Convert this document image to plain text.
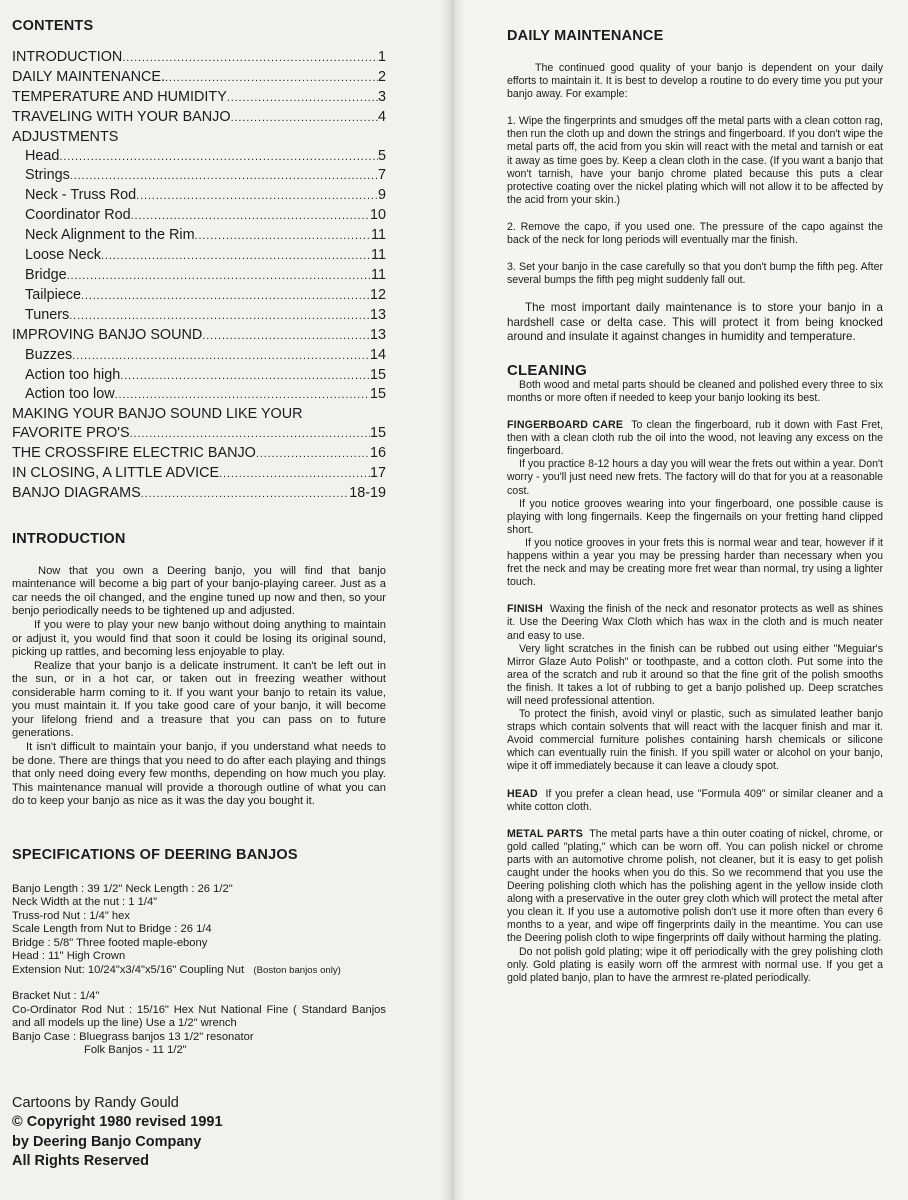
CONTENTS
INTRODUCTION . . .	1
DAILY MAINTENANCE. . . .	2
TEMPERATURE AND HUMIDITY . . .	3
TRAVELING WITH YOUR BANJO . . .	4
ADJUSTMENTS
Head . . .	5
Strings . . .	7
Neck - Truss Rod . . .	9
Coordinator Rod . . .	10
Neck Alignment to the Rim . . .	11
Loose Neck . . .	11
Bridge . . .	11
Tailpiece . . .	12
Tuners . . .	13
IMPROVING BANJO SOUND . . .	13
Buzzes . . .	14
Action too high . . .	15
Action too low . . .	15
MAKING YOUR BANJO SOUND LIKE YOUR
FAVORITE PRO'S . . .	15
THE CROSSFIRE ELECTRIC BANJO . . .	16
IN CLOSING, A LITTLE ADVICE . . .	17
BANJO DIAGRAMS . . .	18-19
INTRODUCTION

Now that you own a Deering banjo, you will find that banjo maintenance will become a big part of your banjo-playing career. Just as a car needs the oil changed, and the engine tuned up now and then, so your benjo periodically needs to be tightened up and adjusted.

If you were to play your new banjo without doing anything to maintain or adjust it, you would find that soon it could be losing its original sound, picking up rattles, and becoming less enjoyable to play.

Realize that your banjo is a delicate instrument. It can't be left out in the sun, or in a hot car, or taken out in freezing weather without considerable harm coming to it. If you want your banjo to retain its value, you must maintain it. If you take good care of your banjo, it will become your lifelong friend and a treasure that you can pass on to future generations.

It isn't difficult to maintain your banjo, if you understand what needs to be done. There are things that you need to do after each playing and things that only need doing every few months, depending on how much you play. This maintenance manual will provide a thorough outline of what you can do to keep your banjo as nice as it was the day you bought it.

SPECIFICATIONS OF DEERING BANJOS

Banjo Length : 39 1/2" Neck Length : 26 1/2"

Neck Width at the nut : 1 1/4"

Truss-rod Nut : 1/4" hex

Scale Length from Nut to Bridge : 26 1/4

Bridge : 5/8" Three footed maple-ebony

Head : 11" High Crown

Extension Nut: 10/24"x3/4"x5/16" Coupling Nut (Boston banjos only)

Bracket Nut : 1/4"

Co-Ordinator Rod Nut : 15/16" Hex Nut National Fine ( Standard Banjos and all models up the line) Use a 1/2" wrench

Banjo Case : Bluegrass banjos 13 1/2" resonator

Folk Banjos - 11 1/2"

Cartoons by Randy Gould

© Copyright 1980 revised 1991

by Deering Banjo Company

All Rights Reserved

DAILY MAINTENANCE

The continued good quality of your banjo is dependent on your daily efforts to maintain it. It is best to develop a routine to do every time you put your banjo away. For example:

1. Wipe the fingerprints and smudges off the metal parts with a clean cotton rag, then run the cloth up and down the strings and fingerboard. If you don't wipe the metal parts off, the acid from you skin will react with the metal and tarnish or eat it away as time goes by. Keep a clean cloth in the case. (If you want a banjo that won't tarnish, have your banjo chrome plated because this puts a clear protective coating over the nickel plating which will not allow it to be affected by the acid from your skin.)

2. Remove the capo, if you used one. The pressure of the capo against the back of the neck for long periods will eventually mar the finish.

3. Set your banjo in the case carefully so that you don't bump the fifth peg. After several bumps the fifth peg might suddenly fall out.

The most important daily maintenance is to store your banjo in a hardshell case or delta case. This will protect it from being knocked around and insulate it against changes in humidity and temperature.

CLEANING

Both wood and metal parts should be cleaned and polished every three to six months or more often if needed to keep your banjo looking its best.

FINGERBOARD CARE To clean the fingerboard, rub it down with Fast Fret, then with a clean cloth rub the oil into the wood, not leaving any excess on the fingerboard.

If you practice 8-12 hours a day you will wear the frets out within a year. Don't worry - you'll just need new frets. The factory will do that for you at a reasonable cost.

If you notice grooves wearing into your fingerboard, one possible cause is playing with long fingernails. Keep the fingernails on your fretting hand clipped short.

If you notice grooves in your frets this is normal wear and tear, however if it happens within a year you may be pressing harder than necessary when you fret the neck and may be creating more fret wear than normal, try using a lighter touch.

FINISH Waxing the finish of the neck and resonator protects as well as shines it. Use the Deering Wax Cloth which has wax in the cloth and is much neater and easy to use.

Very light scratches in the finish can be rubbed out using either "Meguiar's Mirror Glaze Auto Polish" or toothpaste, and a cotton cloth. Put some into the area of the scratch and rub it around so that the fine grit of the polish smooths the finish. It takes a lot of rubbing to get a banjo polished up. Deep scratches will need professional attention.

To protect the finish, avoid vinyl or plastic, such as simulated leather banjo straps which contain solvents that will react with the lacquer finish and mar it. Avoid commercial furniture polishes containing harsh chemicals or silicone which can eventually ruin the finish. If you spill water or alcohol on your banjo, wipe it off immediately because it can leave a cloudy spot.

HEAD If you prefer a clean head, use "Formula 409" or similar cleaner and a white cotton cloth.

METAL PARTS The metal parts have a thin outer coating of nickel, chrome, or gold called "plating," which can be worn off. You can polish nickel or chrome parts with an automotive chrome polish, not cleaner, but it is easy to get polish caught under the hooks when you do this. So we recommend that you use the Deering polishing cloth which has the polishing agent in the yellow inside cloth along with a preservative in the outer grey cloth which will protect the metal after you clean it. If you use a automotive polish don't use it more often than every 6 months to a year, and wipe off fingerprints daily in the meantime. You can use the Deering polish cloth to wipe fingerprints off daily without harming the plating.

Do not polish gold plating; wipe it off periodically with the grey polishing cloth only. Gold plating is easily worn off the armrest with normal use. If you get a gold plated banjo, plan to have the armrest re-plated periodically.
